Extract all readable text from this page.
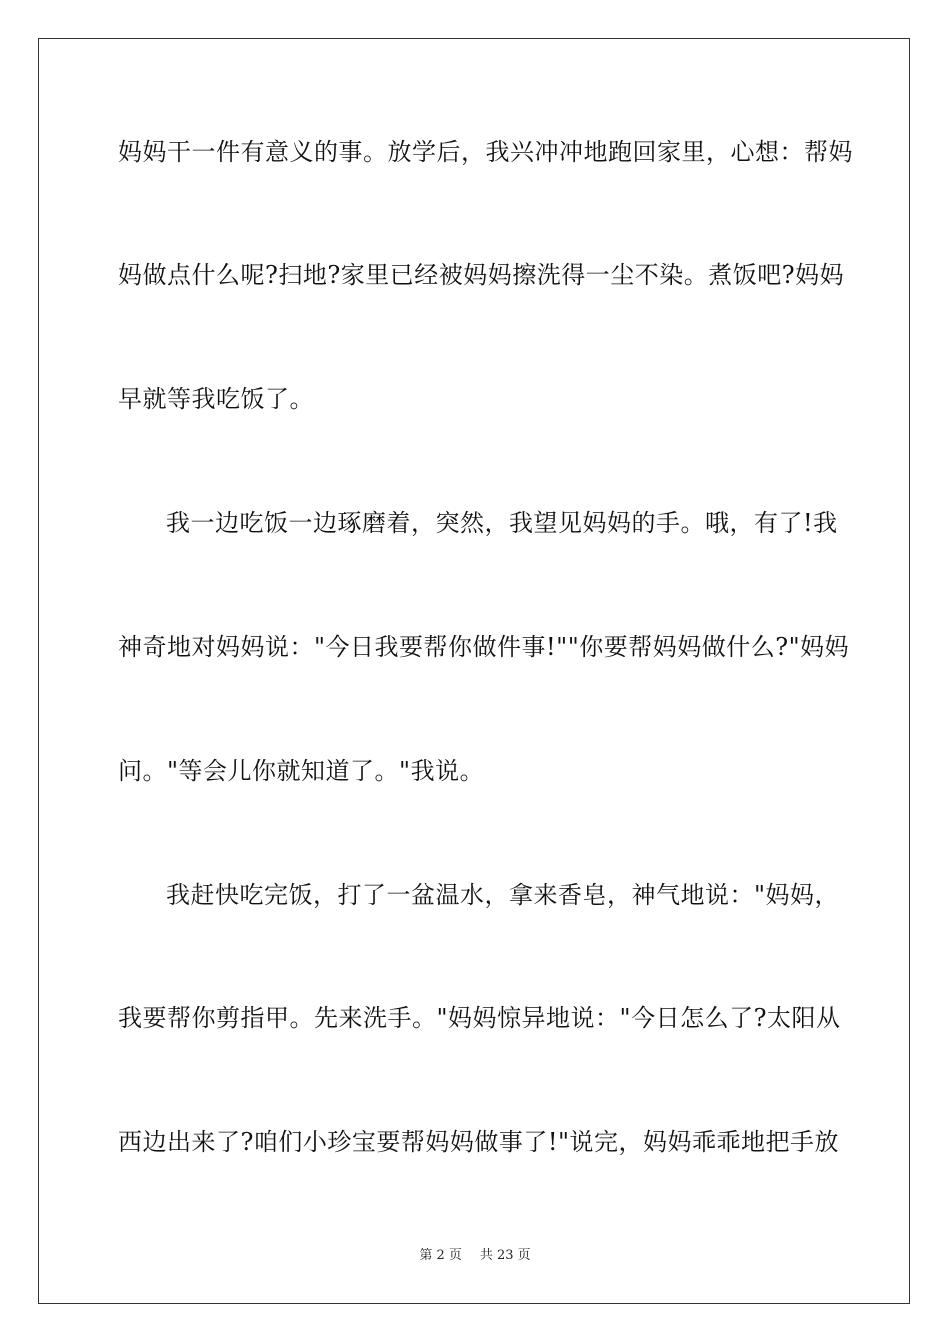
妈妈干一件有意义的事。放学后，我兴冲冲地跑回家里，心想：帮妈
妈做点什么呢?扫地?家里已经被妈妈擦洗得一尘不染。煮饭吧?妈妈
早就等我吃饭了。
我一边吃饭一边琢磨着，突然，我望见妈妈的手。哦，有了!我
神奇地对妈妈说："今日我要帮你做件事!""你要帮妈妈做什么?"妈妈
问。"等会儿你就知道了。"我说。
我赶快吃完饭，打了一盆温水，拿来香皂，神气地说："妈妈，
我要帮你剪指甲。先来洗手。"妈妈惊异地说："今日怎么了?太阳从
西边出来了?咱们小珍宝要帮妈妈做事了!"说完，妈妈乖乖地把手放
第 2 页 共 23 页
